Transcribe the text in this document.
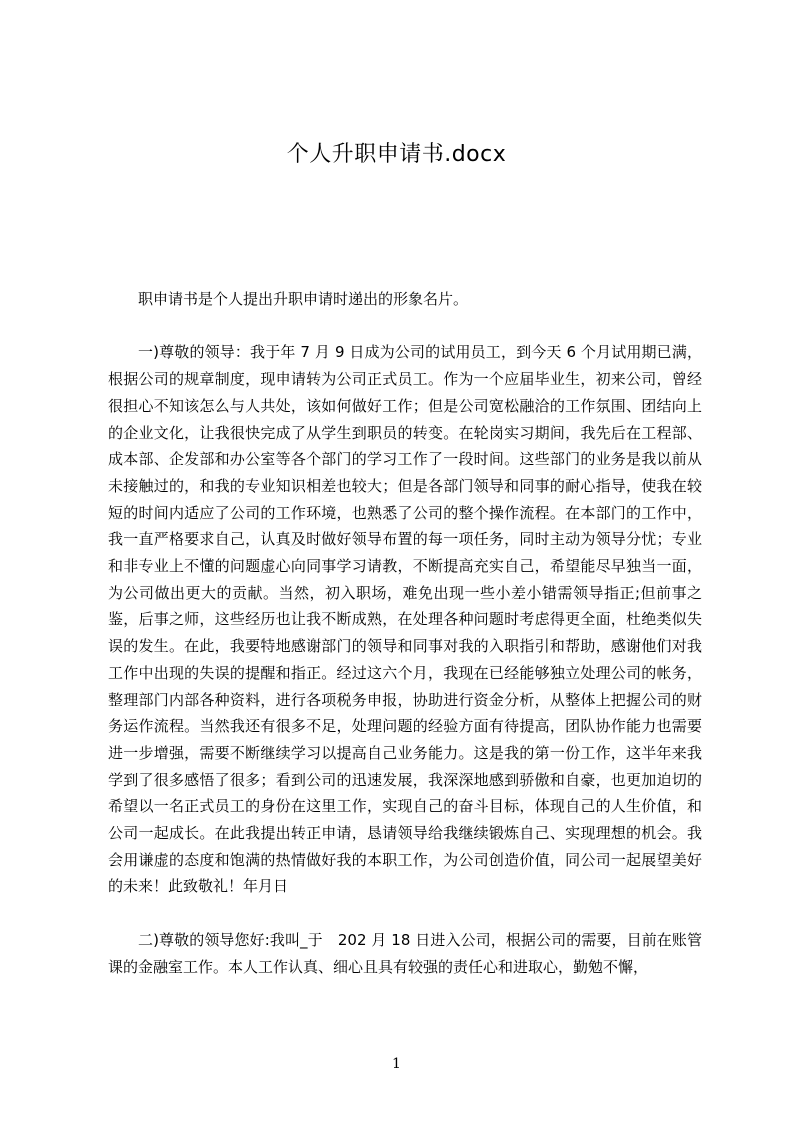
个人升职申请书.docx

职申请书是个人提出升职申请时递出的形象名片。

一)尊敬的领导：我于年 7 月 9 日成为公司的试用员工，到今天 6 个月试用期已满，根据公司的规章制度，现申请转为公司正式员工。作为一个应届毕业生，初来公司，曾经很担心不知该怎么与人共处，该如何做好工作；但是公司宽松融洽的工作氛围、团结向上的企业文化，让我很快完成了从学生到职员的转变。在轮岗实习期间，我先后在工程部、成本部、企发部和办公室等各个部门的学习工作了一段时间。这些部门的业务是我以前从未接触过的，和我的专业知识相差也较大；但是各部门领导和同事的耐心指导，使我在较短的时间内适应了公司的工作环境，也熟悉了公司的整个操作流程。在本部门的工作中，我一直严格要求自己，认真及时做好领导布置的每一项任务，同时主动为领导分忧；专业和非专业上不懂的问题虚心向同事学习请教，不断提高充实自己，希望能尽早独当一面，为公司做出更大的贡献。当然，初入职场，难免出现一些小差小错需领导指正;但前事之鉴，后事之师，这些经历也让我不断成熟，在处理各种问题时考虑得更全面，杜绝类似失误的发生。在此，我要特地感谢部门的领导和同事对我的入职指引和帮助，感谢他们对我工作中出现的失误的提醒和指正。经过这六个月，我现在已经能够独立处理公司的帐务，整理部门内部各种资料，进行各项税务申报，协助进行资金分析，从整体上把握公司的财务运作流程。当然我还有很多不足，处理问题的经验方面有待提高，团队协作能力也需要进一步增强，需要不断继续学习以提高自己业务能力。这是我的第一份工作，这半年来我学到了很多感悟了很多；看到公司的迅速发展，我深深地感到骄傲和自豪，也更加迫切的希望以一名正式员工的身份在这里工作，实现自己的奋斗目标，体现自己的人生价值，和公司一起成长。在此我提出转正申请，恳请领导给我继续锻炼自己、实现理想的机会。我会用谦虚的态度和饱满的热情做好我的本职工作，为公司创造价值，同公司一起展望美好的未来！此致敬礼！年月日

二)尊敬的领导您好:我叫_于　202 月 18 日进入公司，根据公司的需要，目前在账管课的金融室工作。本人工作认真、细心且具有较强的责任心和进取心，勤勉不懈，

1
